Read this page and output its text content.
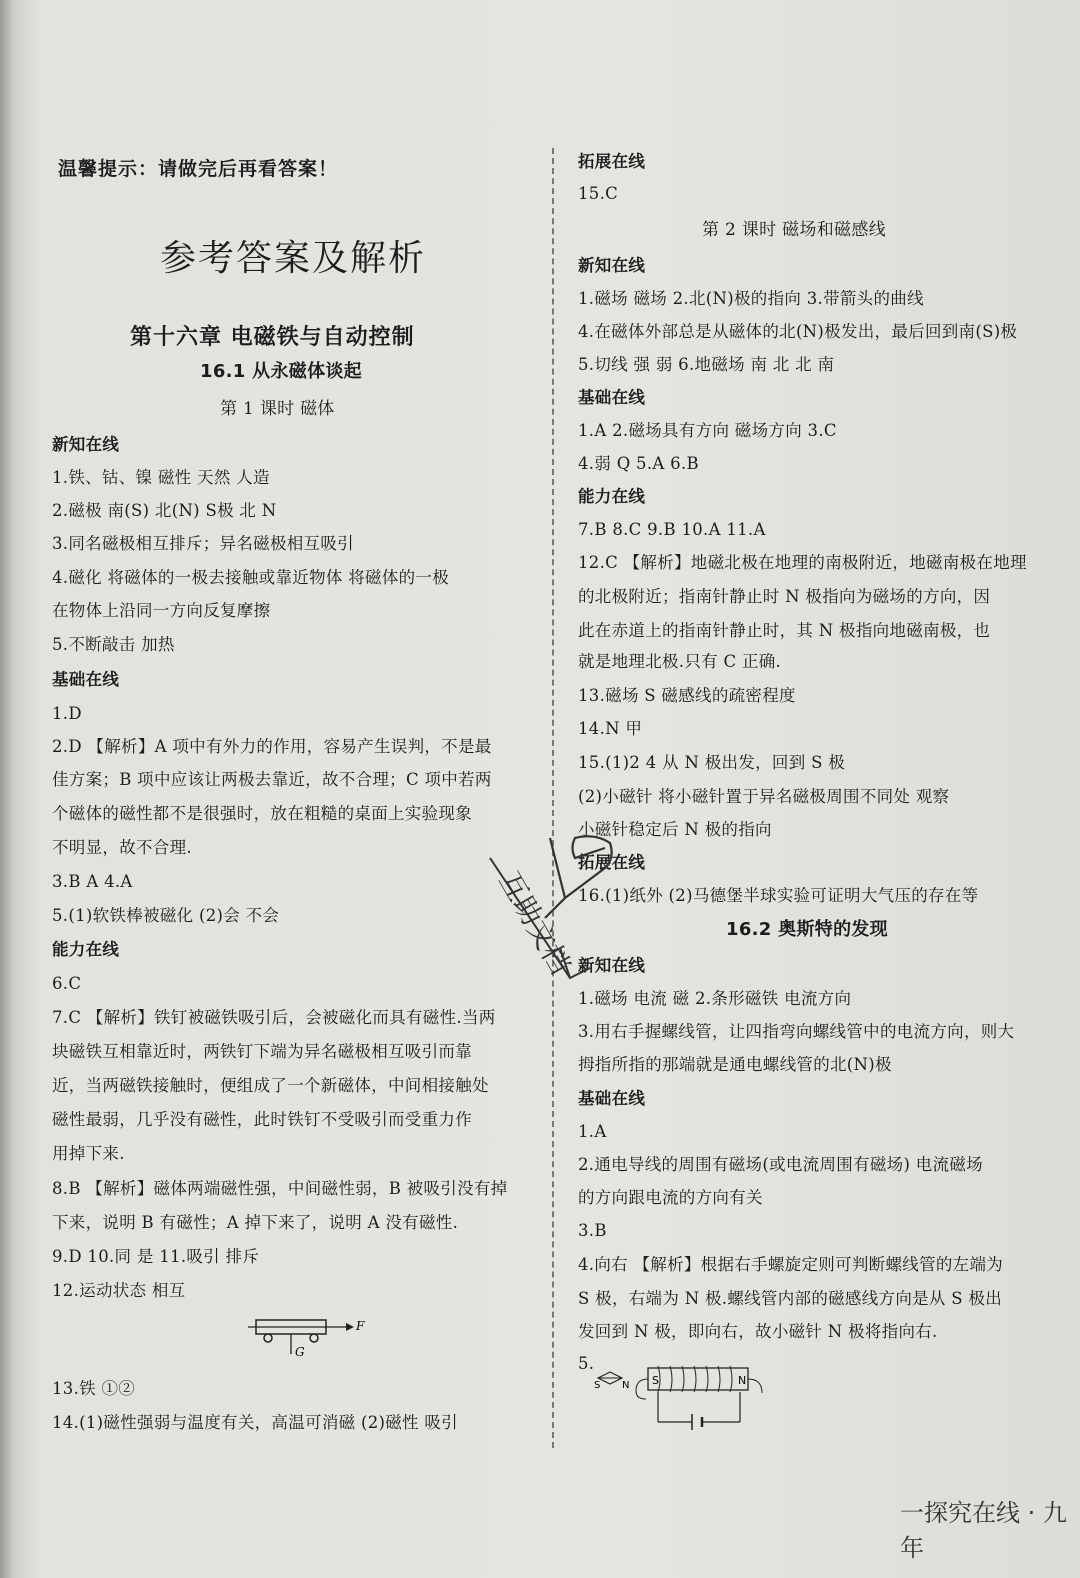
温馨提示：请做完后再看答案！
参考答案及解析
第十六章 电磁铁与自动控制
16.1 从永磁体谈起
第 1 课时 磁体
新知在线
1.铁、钴、镍 磁性 天然 人造
2.磁极 南(S) 北(N) S极 北 N
3.同名磁极相互排斥；异名磁极相互吸引
4.磁化 将磁体的一极去接触或靠近物体 将磁体的一极
在物体上沿同一方向反复摩擦
5.不断敲击 加热
基础在线
1.D
2.D 【解析】A 项中有外力的作用，容易产生误判，不是最
佳方案；B 项中应该让两极去靠近，故不合理；C 项中若两
个磁体的磁性都不是很强时，放在粗糙的桌面上实验现象
不明显，故不合理.
3.B A 4.A
5.(1)软铁棒被磁化 (2)会 不会
能力在线
6.C
7.C 【解析】铁钉被磁铁吸引后，会被磁化而具有磁性.当两
块磁铁互相靠近时，两铁钉下端为异名磁极相互吸引而靠
近，当两磁铁接触时，便组成了一个新磁体，中间相接触处
磁性最弱，几乎没有磁性，此时铁钉不受吸引而受重力作
用掉下来.
8.B 【解析】磁体两端磁性强，中间磁性弱，B 被吸引没有掉
下来，说明 B 有磁性；A 掉下来了，说明 A 没有磁性.
9.D 10.同 是 11.吸引 排斥
12.运动状态 相互
F
G
13.铁 ①②
14.(1)磁性强弱与温度有关，高温可消磁 (2)磁性 吸引
拓展在线
15.C
第 2 课时 磁场和磁感线
新知在线
1.磁场 磁场 2.北(N)极的指向 3.带箭头的曲线
4.在磁体外部总是从磁体的北(N)极发出，最后回到南(S)极
5.切线 强 弱 6.地磁场 南 北 北 南
基础在线
1.A 2.磁场具有方向 磁场方向 3.C
4.弱 Q 5.A 6.B
能力在线
7.B 8.C 9.B 10.A 11.A
12.C 【解析】地磁北极在地理的南极附近，地磁南极在地理
的北极附近；指南针静止时 N 极指向为磁场的方向，因
此在赤道上的指南针静止时，其 N 极指向地磁南极，也
就是地理北极.只有 C 正确.
13.磁场 S 磁感线的疏密程度
14.N 甲
15.(1)2 4 从 N 极出发，回到 S 极
(2)小磁针 将小磁针置于异名磁极周围不同处 观察
小磁针稳定后 N 极的指向
拓展在线
16.(1)纸外 (2)马德堡半球实验可证明大气压的存在等
16.2 奥斯特的发现
新知在线
1.磁场 电流 磁 2.条形磁铁 电流方向
3.用右手握螺线管，让四指弯向螺线管中的电流方向，则大
拇指所指的那端就是通电螺线管的北(N)极
基础在线
1.A
2.通电导线的周围有磁场(或电流周围有磁场) 电流磁场
的方向跟电流的方向有关
3.B
4.向右 【解析】根据右手螺旋定则可判断螺线管的左端为
S 极，右端为 N 极.螺线管内部的磁感线方向是从 S 极出
发回到 N 极，即向右，故小磁针 N 极将指向右.
5.
S N S	N
互助文档
一探究在线 · 九年
